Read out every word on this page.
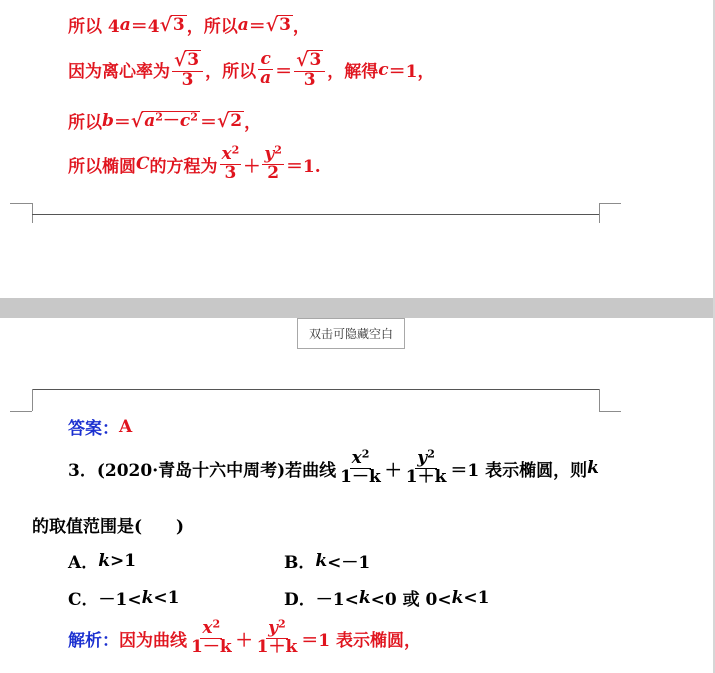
所以 4 a ＝4 √ 3 ，所以 a ＝ √ 3 ，
因为离心率为 $\frac{√ 3}{3}$ ，所以 $\frac{c}{a} = \frac{√ 3}{3}$ ，解得 c ＝1，
所以 b ＝ √ $a^2-c^2$ ＝ √ 2 ，
所以椭圆 C 的方程为 $\frac{x^2}{3} + \frac{y^2}{2} =1$.
双击可隐藏空白
答案： A
3． (2020·青岛十六中周考) 若曲线 $\frac{x^2}{1-k} + \frac{y^2}{1+k} =1$ 表示椭圆，则 k
的取值范围是(　　)
A． k >1	B． k <－1
C． －1< k <1	D． －1< k <0 或 0< k <1
解析： 因为曲线 $\frac{x^2}{1-k} + \frac{y^2}{1+k} =1$ 表示椭圆，
